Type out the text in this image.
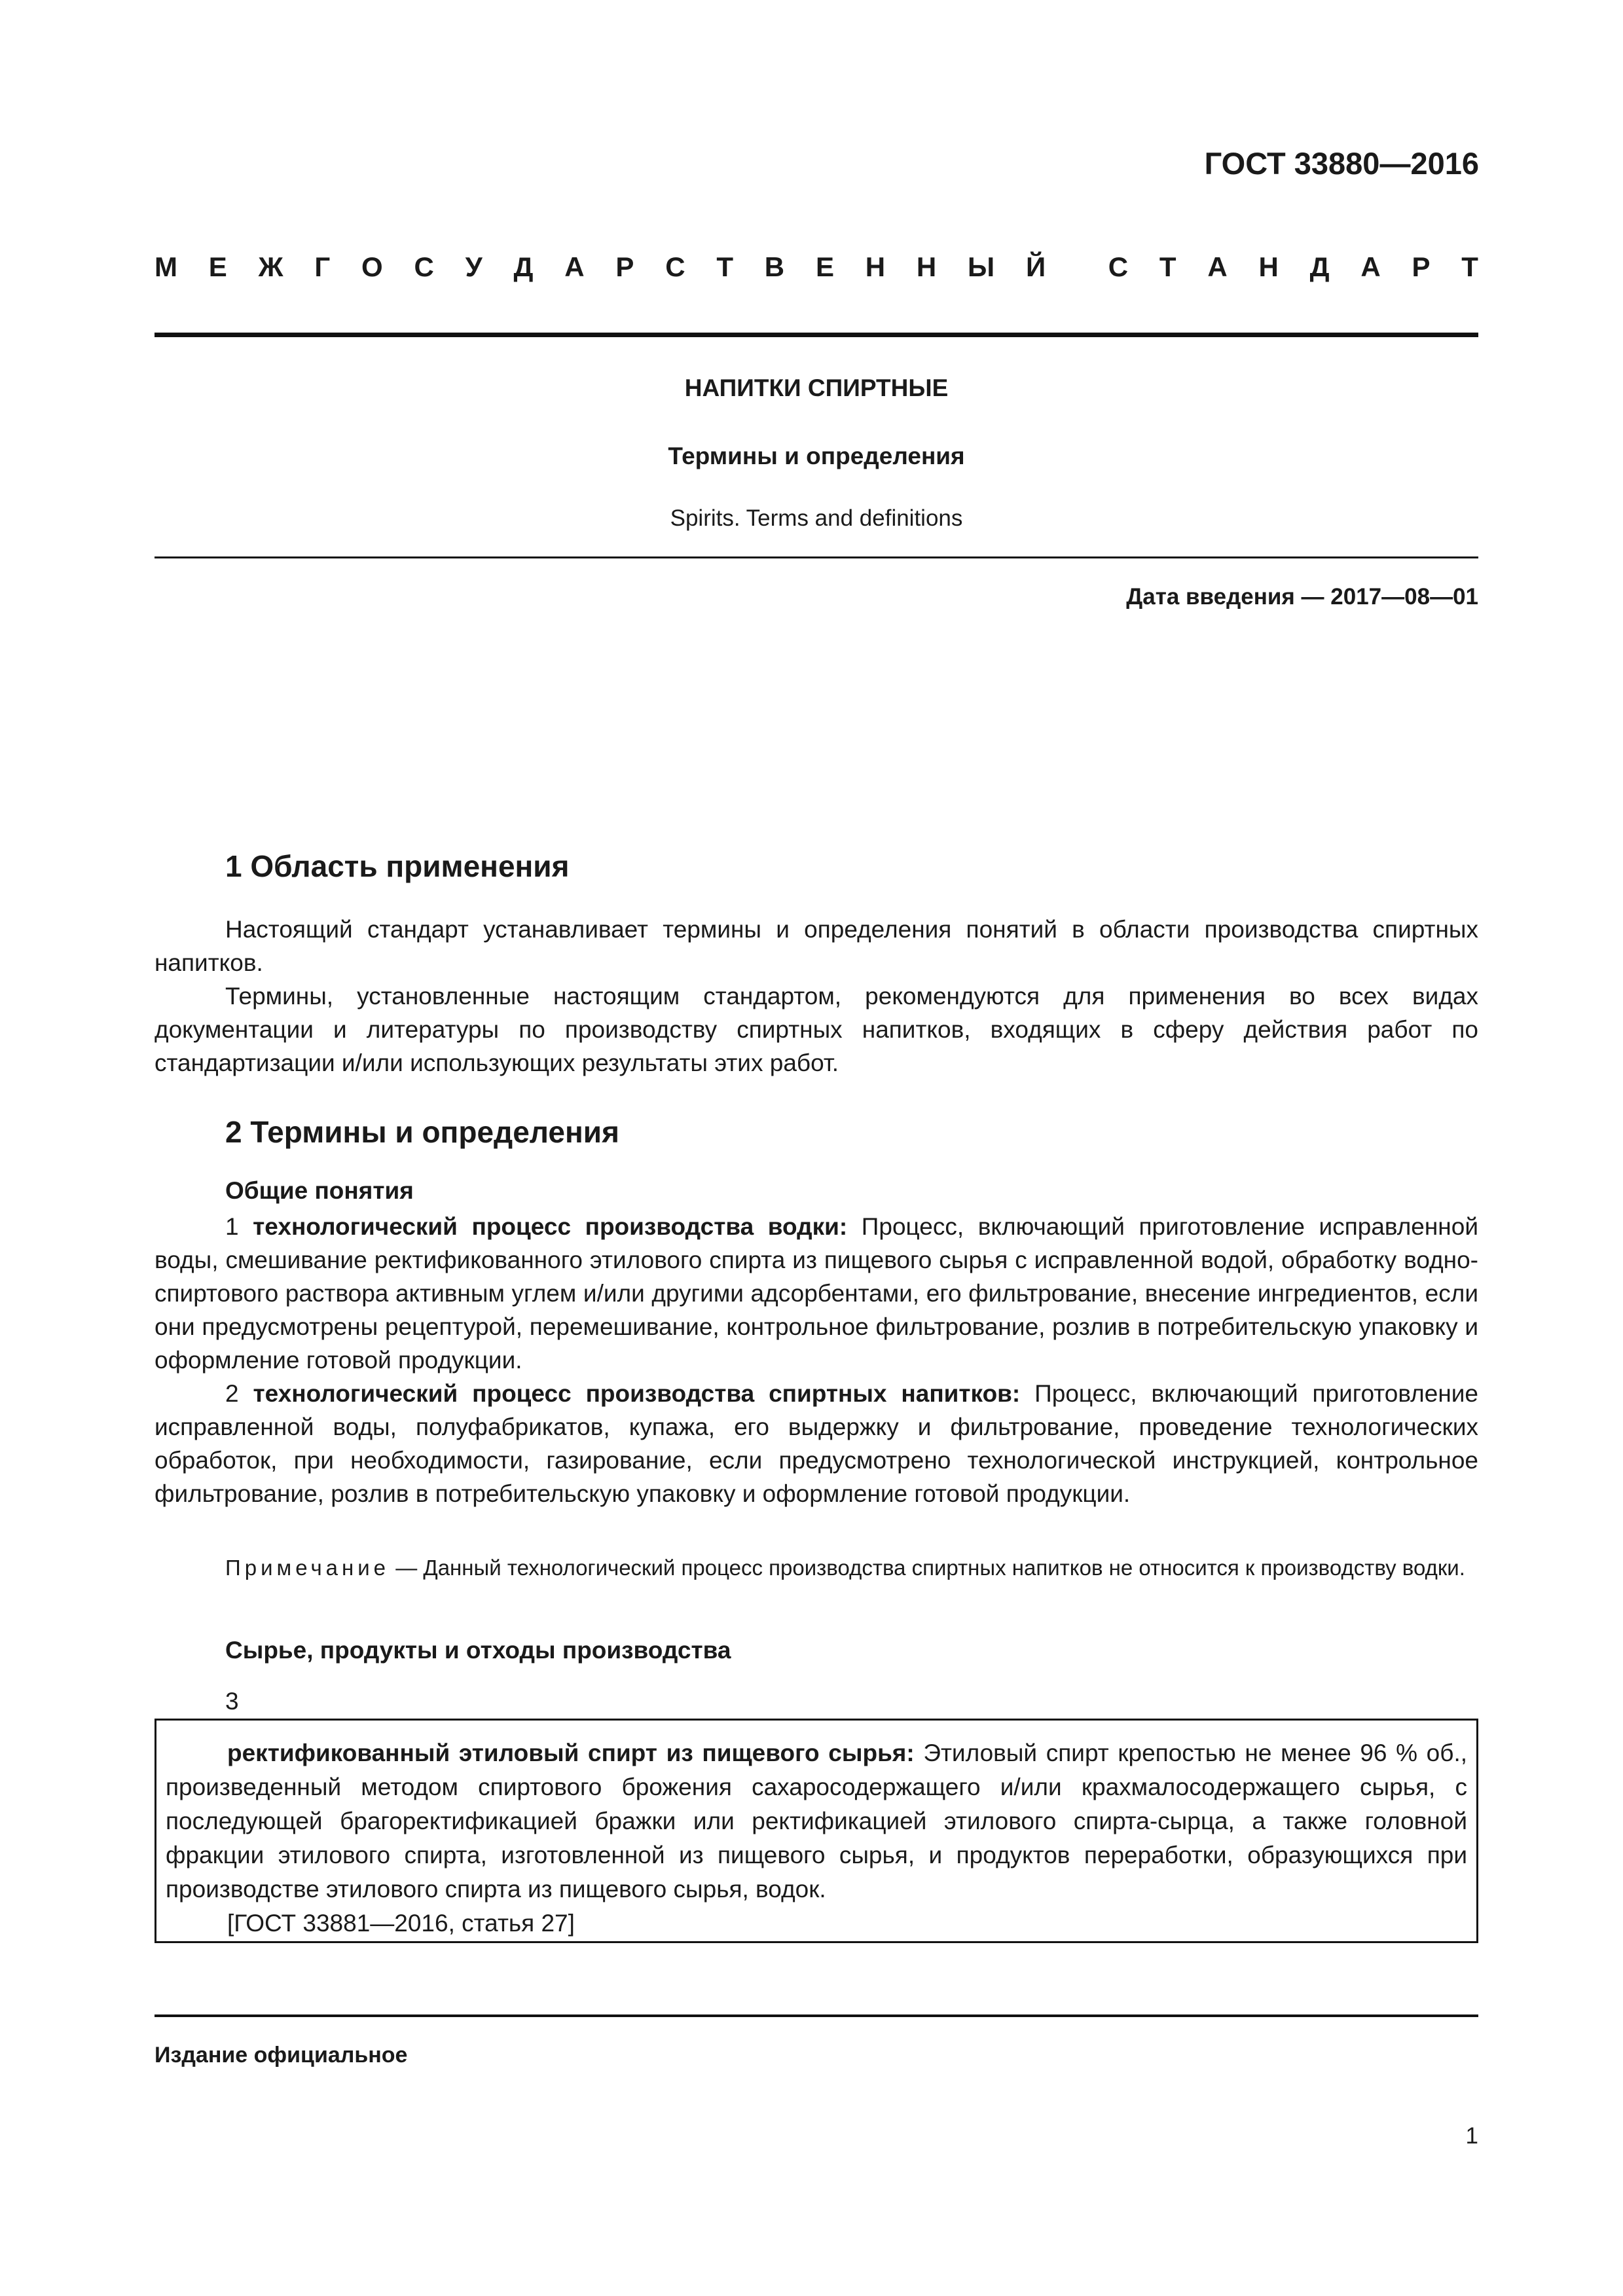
ГОСТ 33880—2016
М Е Ж Г О С У Д А Р С Т В Е Н Н Ы Й С Т А Н Д А Р Т
НАПИТКИ СПИРТНЫЕ
Термины и определения
Spirits. Terms and definitions
Дата введения — 2017—08—01
1 Область применения

Настоящий стандарт устанавливает термины и определения понятий в области производства спиртных напитков.

Термины, установленные настоящим стандартом, рекомендуются для применения во всех видах документации и литературы по производству спиртных напитков, входящих в сферу действия работ по стандартизации и/или использующих результаты этих работ.

2 Термины и определения
Общие понятия

1 технологический процесс производства водки: Процесс, включающий приготовление исправленной воды, смешивание ректификованного этилового спирта из пищевого сырья с исправленной водой, обработку водно-спиртового раствора активным углем и/или другими адсорбентами, его фильтрование, внесение ингредиентов, если они предусмотрены рецептурой, перемешивание, контрольное фильтрование, розлив в потребительскую упаковку и оформление готовой продукции.

2 технологический процесс производства спиртных напитков: Процесс, включающий приготовление исправленной воды, полуфабрикатов, купажа, его выдержку и фильтрование, проведение технологических обработок, при необходимости, газирование, если предусмотрено технологической инструкцией, контрольное фильтрование, розлив в потребительскую упаковку и оформление готовой продукции.

Примечание — Данный технологический процесс производства спиртных напитков не относится к производству водки.
Сырье, продукты и отходы производства
3

ректификованный этиловый спирт из пищевого сырья: Этиловый спирт крепостью не менее 96 % об., произведенный методом спиртового брожения сахаросодержащего и/или крахмалосодержащего сырья, с последующей брагоректификацией бражки или ректификацией этилового спирта-сырца, а также головной фракции этилового спирта, изготовленной из пищевого сырья, и продуктов переработки, образующихся при производстве этилового спирта из пищевого сырья, водок.

[ГОСТ 33881—2016, статья 27]

Издание официальное
1
